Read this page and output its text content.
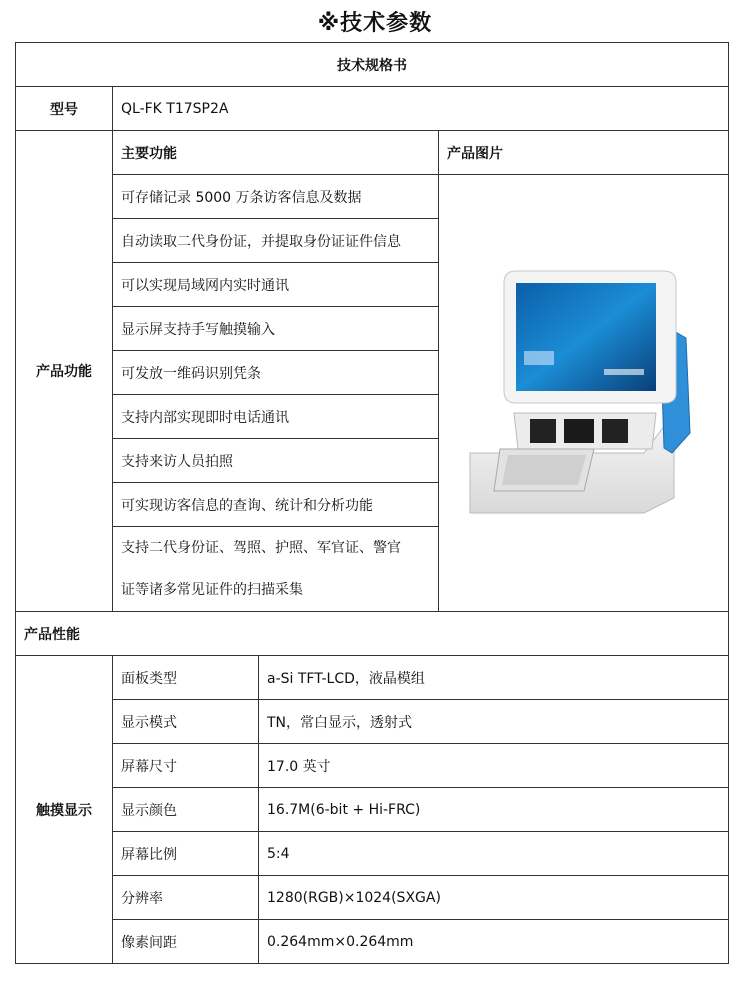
※技术参数
技术规格书			
型号	QL-FK T17SP2A		
产品功能	主要功能		产品图片
	可存储记录 5000 万条访客信息及数据	

	自动读取二代身份证，并提取身份证证件信息		
	可以实现局域网内实时通讯		
	显示屏支持手写触摸输入		
	可发放一维码识别凭条		
	支持内部实现即时电话通讯		
	支持来访人员拍照		
	可实现访客信息的查询、统计和分析功能		

	支持二代身份证、驾照、护照、军官证、警官
证等诸多常见证件的扫描采集		

产品性能			
触摸显示	面板类型	a-Si TFT-LCD，液晶模组	
	显示模式	TN，常白显示，透射式	
	屏幕尺寸	17.0 英寸	
	显示颜色	16.7M(6-bit + Hi-FRC)	
	屏幕比例	5:4	
	分辨率	1280(RGB)×1024(SXGA)	
	像素间距	0.264mm×0.264mm	
